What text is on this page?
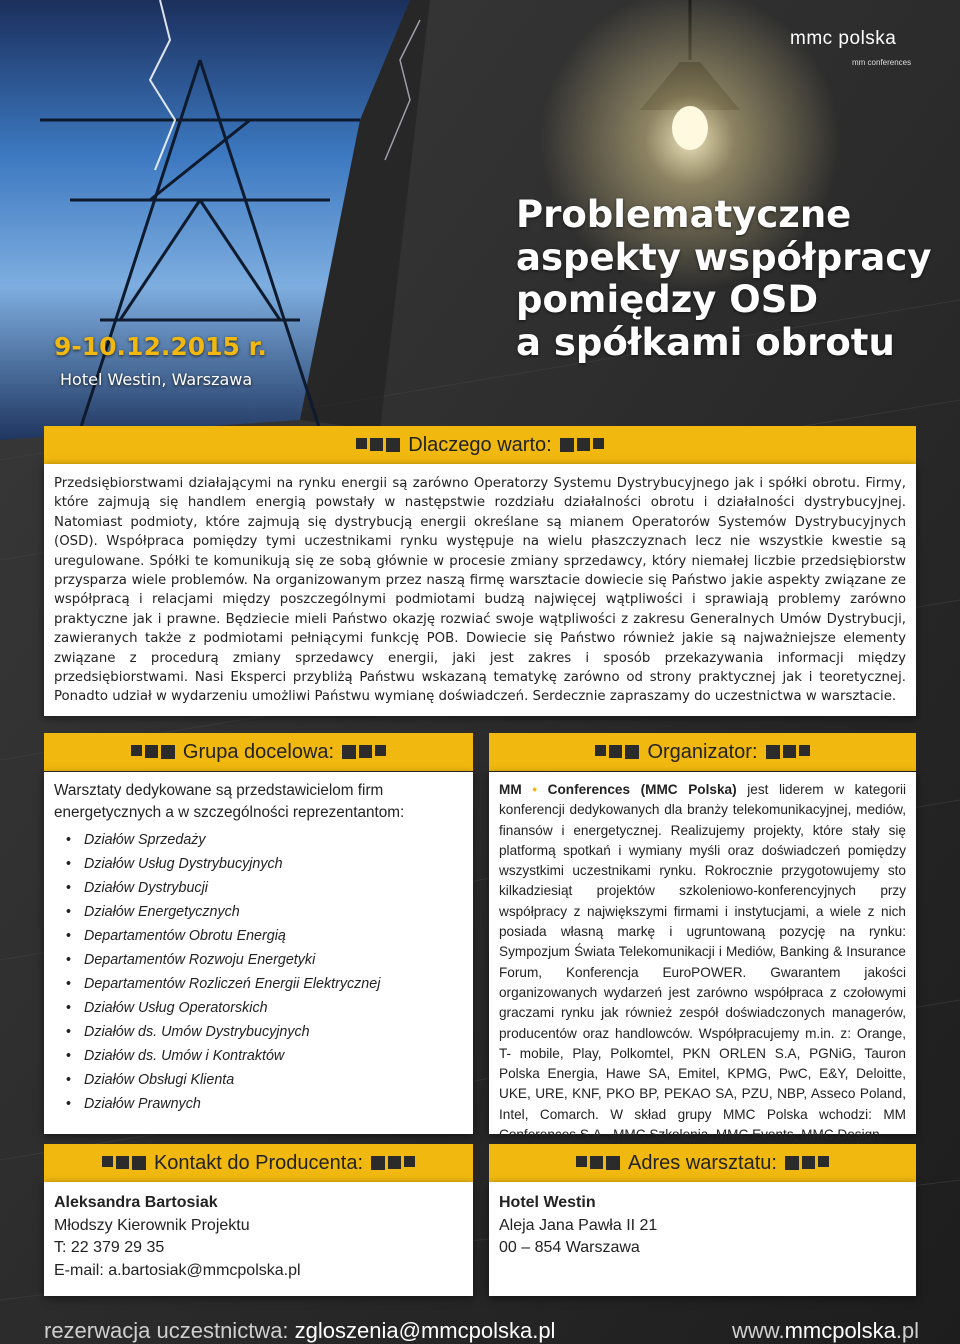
mmc polska
mm conferences
Problematyczne
aspekty współpracy
pomiędzy OSD
a spółkami obrotu
9-10.12.2015 r.
Hotel Westin, Warszawa
Dlaczego warto:

Przedsiębiorstwami działającymi na rynku energii są zarówno Operatorzy Systemu Dystrybucyjnego jak i spółki obrotu. Firmy, które zajmują się handlem energią powstały w następstwie rozdziału działalności obrotu i działalności dystrybucyjnej. Natomiast podmioty, które zajmują się dystrybucją energii określane są mianem Operatorów Systemów Dystrybucyjnych (OSD). Współpraca pomiędzy tymi uczestnikami rynku występuje na wielu płaszczyznach lecz nie wszystkie kwestie są uregulowane. Spółki te komunikują się ze sobą głównie w procesie zmiany sprzedawcy, który niemałej liczbie przedsiębiorstw przysparza wiele problemów. Na organizowanym przez naszą firmę warsztacie dowiecie się Państwo jakie aspekty związane ze współpracą i relacjami między poszczególnymi podmiotami budzą najwięcej wątpliwości i sprawiają problemy zarówno praktyczne jak i prawne. Będziecie mieli Państwo okazję rozwiać swoje wątpliwości z zakresu Generalnych Umów Dystrybucji, zawieranych także z podmiotami pełniącymi funkcję POB. Dowiecie się Państwo również jakie są najważniejsze elementy związane z procedurą zmiany sprzedawcy energii, jaki jest zakres i sposób przekazywania informacji między przedsiębiorstwami. Nasi Eksperci przybliżą Państwu wskazaną tematykę zarówno od strony praktycznej jak i teoretycznej. Ponadto udział w wydarzeniu umożliwi Państwu wymianę doświadczeń. Serdecznie zapraszamy do uczestnictwa w warsztacie.

Grupa docelowa:
Warsztaty dedykowane są przedstawicielom firm energetycznych a w szczególności reprezentantom:
• Działów Sprzedaży
• Działów Usług Dystrybucyjnych
• Działów Dystrybucji
• Działów Energetycznych
• Departamentów Obrotu Energią
• Departamentów Rozwoju Energetyki
• Departamentów Rozliczeń Energii Elektrycznej
• Działów Usług Operatorskich
• Działów ds. Umów Dystrybucyjnych
• Działów ds. Umów i Kontraktów
• Działów Obsługi Klienta
• Działów Prawnych
Organizator:

MM • Conferences (MMC Polska) jest liderem w kategorii konferencji dedykowanych dla branży telekomunikacyjnej, mediów, finansów i energetycznej. Realizujemy projekty, które stały się platformą spotkań i wymiany myśli oraz doświadczeń pomiędzy wszystkimi uczestnikami rynku. Rokrocznie przygotowujemy sto kilkadziesiąt projektów szkoleniowo-konferencyjnych przy współpracy z największymi firmami i instytucjami, a wiele z nich posiada własną markę i ugruntowaną pozycję na rynku: Sympozjum Świata Telekomunikacji i Mediów, Banking & Insurance Forum, Konferencja EuroPOWER. Gwarantem jakości organizowanych wydarzeń jest zarówno współpraca z czołowymi graczami rynku jak również zespół doświadczonych managerów, producentów oraz handlowców. Współpracujemy m.in. z: Orange, T- mobile, Play, Polkomtel, PKN ORLEN S.A, PGNiG, Tauron Polska Energia, Hawe SA, Emitel, KPMG, PwC, E&Y, Deloitte, UKE, URE, KNF, PKO BP, PEKAO SA, PZU, NBP, Asseco Poland, Intel, Comarch. W skład grupy MMC Polska wchodzi: MM Conferences S.A., MMC Szkolenia, MMC Events, MMC Design.

Kontakt do Producenta:
Aleksandra Bartosiak
Młodszy Kierownik Projektu
T: 22 379 29 35
E-mail: a.bartosiak@mmcpolska.pl
Adres warsztatu:
Hotel Westin
Aleja Jana Pawła II 21
00 – 854 Warszawa
rezerwacja uczestnictwa: zgloszenia@mmcpolska.pl	www.mmcpolska.pl
